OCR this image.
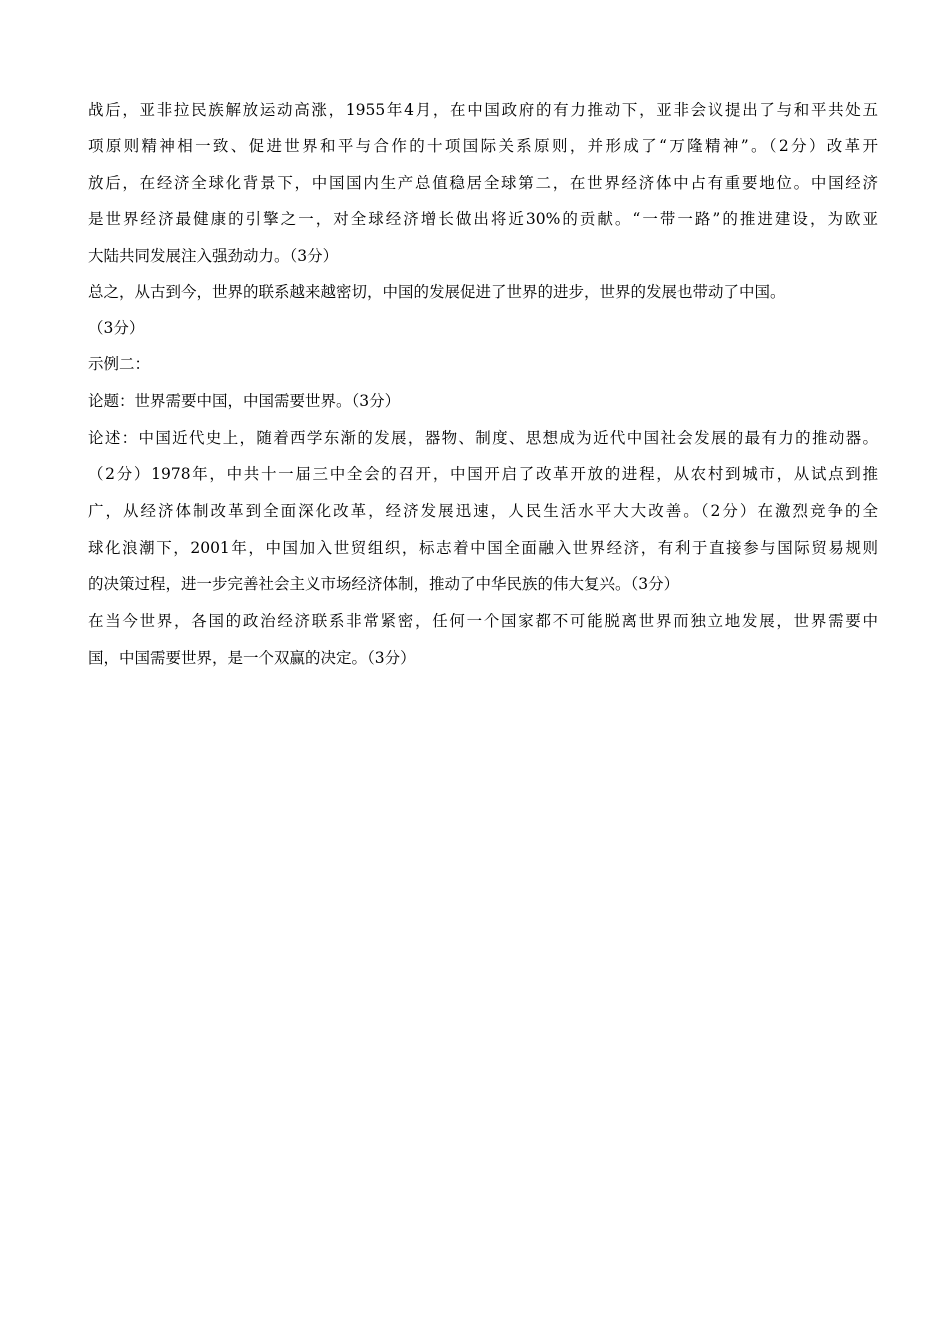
战后，亚非拉民族解放运动高涨，1955年4月，在中国政府的有力推动下，亚非会议提出了与和平共处五
项原则精神相一致、促进世界和平与合作的十项国际关系原则，并形成了“万隆精神”。（2分）改革开
放后，在经济全球化背景下，中国国内生产总值稳居全球第二，在世界经济体中占有重要地位。中国经济
是世界经济最健康的引擎之一，对全球经济增长做出将近30%的贡献。“一带一路”的推进建设，为欧亚
大陆共同发展注入强劲动力。（3分）
总之，从古到今，世界的联系越来越密切，中国的发展促进了世界的进步，世界的发展也带动了中国。
（3分）
示例二：
论题：世界需要中国，中国需要世界。（3分）
论述：中国近代史上，随着西学东渐的发展，器物、制度、思想成为近代中国社会发展的最有力的推动器。
（2分）1978年，中共十一届三中全会的召开，中国开启了改革开放的进程，从农村到城市，从试点到推
广，从经济体制改革到全面深化改革，经济发展迅速，人民生活水平大大改善。（2分）在激烈竞争的全
球化浪潮下，2001年，中国加入世贸组织，标志着中国全面融入世界经济，有利于直接参与国际贸易规则
的决策过程，进一步完善社会主义市场经济体制，推动了中华民族的伟大复兴。（3分）
在当今世界，各国的政治经济联系非常紧密，任何一个国家都不可能脱离世界而独立地发展，世界需要中
国，中国需要世界，是一个双赢的决定。（3分）
